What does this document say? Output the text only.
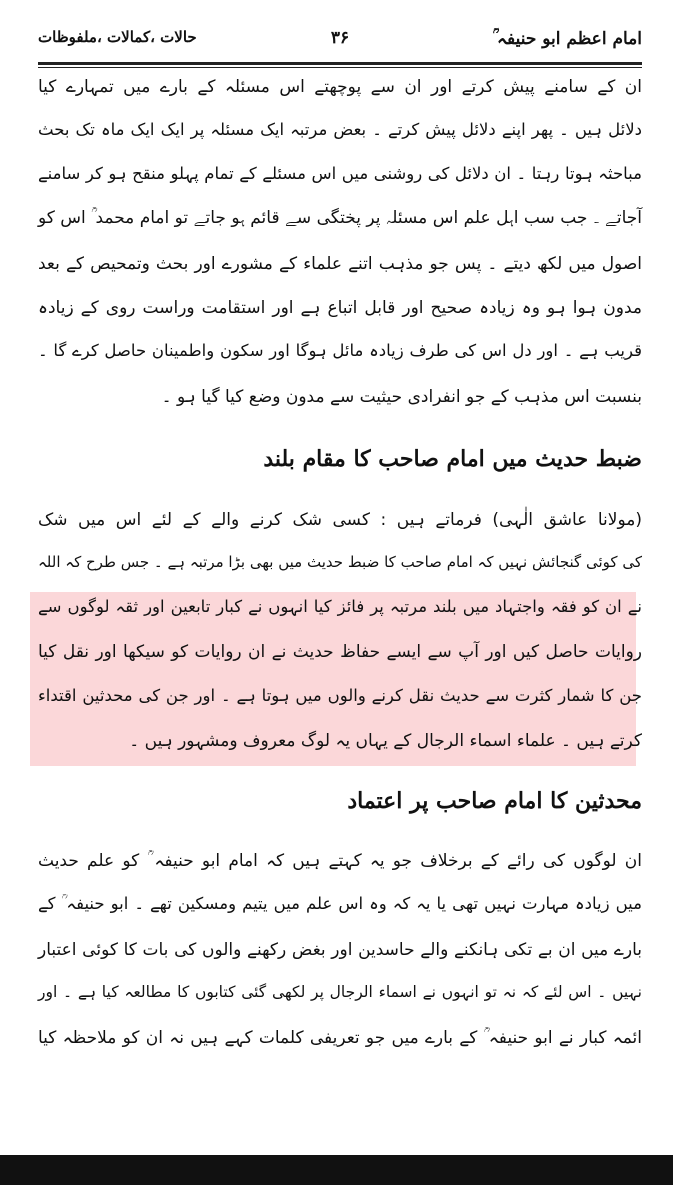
امام اعظم ابو حنیفہ ؒ
۳۶
حالات ،کمالات ،ملفوظات
ان کے سامنے پیش کرتے اور ان سے پوچھتے اس مسئلہ کے بارے میں تمہارے کیا
دلائل ہیں ۔ پھر اپنے دلائل پیش کرتے ۔ بعض مرتبہ ایک مسئلہ پر ایک ایک ماہ تک بحث
مباحثہ ہوتا رہتا ۔ ان دلائل کی روشنی میں اس مسئلے کے تمام پہلو منقح ہو کر سامنے
آجاتے ۔ جب سب اہل علم اس مسئلہ پر پختگی سے قائم ہو جاتے تو امام محمد ؒ اس کو
اصول میں لکھ دیتے ۔ پس جو مذہب اتنے علماء کے مشورے اور بحث وتمحیص کے بعد
مدون ہوا ہو وہ زیادہ صحیح اور قابل اتباع ہے اور استقامت وراست روی کے زیادہ
قریب ہے ۔ اور دل اس کی طرف زیادہ مائل ہوگا اور سکون واطمینان حاصل کرے گا ۔
بنسبت اس مذہب کے جو انفرادی حیثیت سے مدون وضع کیا گیا ہو ۔
ضبط حدیث میں امام صاحب کا مقام بلند
(مولانا عاشق الٰہی) فرماتے ہیں : کسی شک کرنے والے کے لئے اس میں شک
کی کوئی گنجائش نہیں کہ امام صاحب کا ضبط حدیث میں بھی بڑا مرتبہ ہے ۔ جس طرح کہ اللہ
نے ان کو فقہ واجتہاد میں بلند مرتبہ پر فائز کیا انہوں نے کبار تابعین اور ثقہ لوگوں سے
روایات حاصل کیں اور آپ سے ایسے حفاظ حدیث نے ان روایات کو سیکھا اور نقل کیا
جن کا شمار کثرت سے حدیث نقل کرنے والوں میں ہوتا ہے ۔ اور جن کی محدثین اقتداء
کرتے ہیں ۔ علماء اسماء الرجال کے یہاں یہ لوگ معروف ومشہور ہیں ۔
محدثین کا امام صاحب پر اعتماد
ان لوگوں کی رائے کے برخلاف جو یہ کہتے ہیں کہ امام ابو حنیفہ ؒ کو علم حدیث
میں زیادہ مہارت نہیں تھی یا یہ کہ وہ اس علم میں یتیم ومسکین تھے ۔ ابو حنیفہ ؒ کے
بارے میں ان بے تکی ہانکنے والے حاسدین اور بغض رکھنے والوں کی بات کا کوئی اعتبار
نہیں ۔ اس لئے کہ نہ تو انہوں نے اسماء الرجال پر لکھی گئی کتابوں کا مطالعہ کیا ہے ۔ اور
ائمہ کبار نے ابو حنیفہ ؒ کے بارے میں جو تعریفی کلمات کہے ہیں نہ ان کو ملاحظہ کیا
